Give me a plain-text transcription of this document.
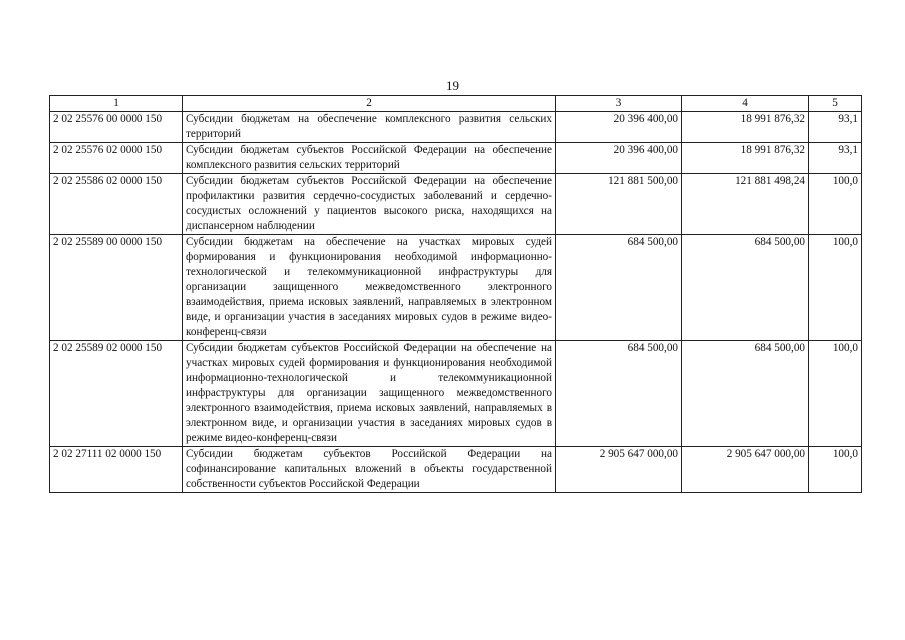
19
1	2	3	4	5
2 02 25576 00 0000 150	Субсидии бюджетам на обеспечение комплексного развития сельских территорий	20 396 400,00	18 991 876,32	93,1
2 02 25576 02 0000 150	Субсидии бюджетам субъектов Российской Федерации на обеспечение комплексного развития сельских территорий	20 396 400,00	18 991 876,32	93,1
2 02 25586 02 0000 150	Субсидии бюджетам субъектов Российской Федерации на обеспечение профилактики развития сердечно-сосудистых заболеваний и сердечно-сосудистых осложнений у пациентов высокого риска, находящихся на диспансерном наблюдении	121 881 500,00	121 881 498,24	100,0
2 02 25589 00 0000 150	Субсидии бюджетам на обеспечение на участках мировых судей формирования и функционирования необходимой информационно-технологической и телекоммуникационной инфраструктуры для организации защищенного межведомственного электронного взаимодействия, приема исковых заявлений, направляемых в электронном виде, и организации участия в заседаниях мировых судов в режиме видео-конференц-связи	684 500,00	684 500,00	100,0
2 02 25589 02 0000 150	Субсидии бюджетам субъектов Российской Федерации на обеспечение на участках мировых судей формирования и функционирования необходимой информационно-технологической и телекоммуникационной инфраструктуры для организации защищенного межведомственного электронного взаимодействия, приема исковых заявлений, направляемых в электронном виде, и организации участия в заседаниях мировых судов в режиме видео-конференц-связи	684 500,00	684 500,00	100,0
2 02 27111 02 0000 150	Субсидии бюджетам субъектов Российской Федерации на софинансирование капитальных вложений в объекты государственной собственности субъектов Российской Федерации	2 905 647 000,00	2 905 647 000,00	100,0
